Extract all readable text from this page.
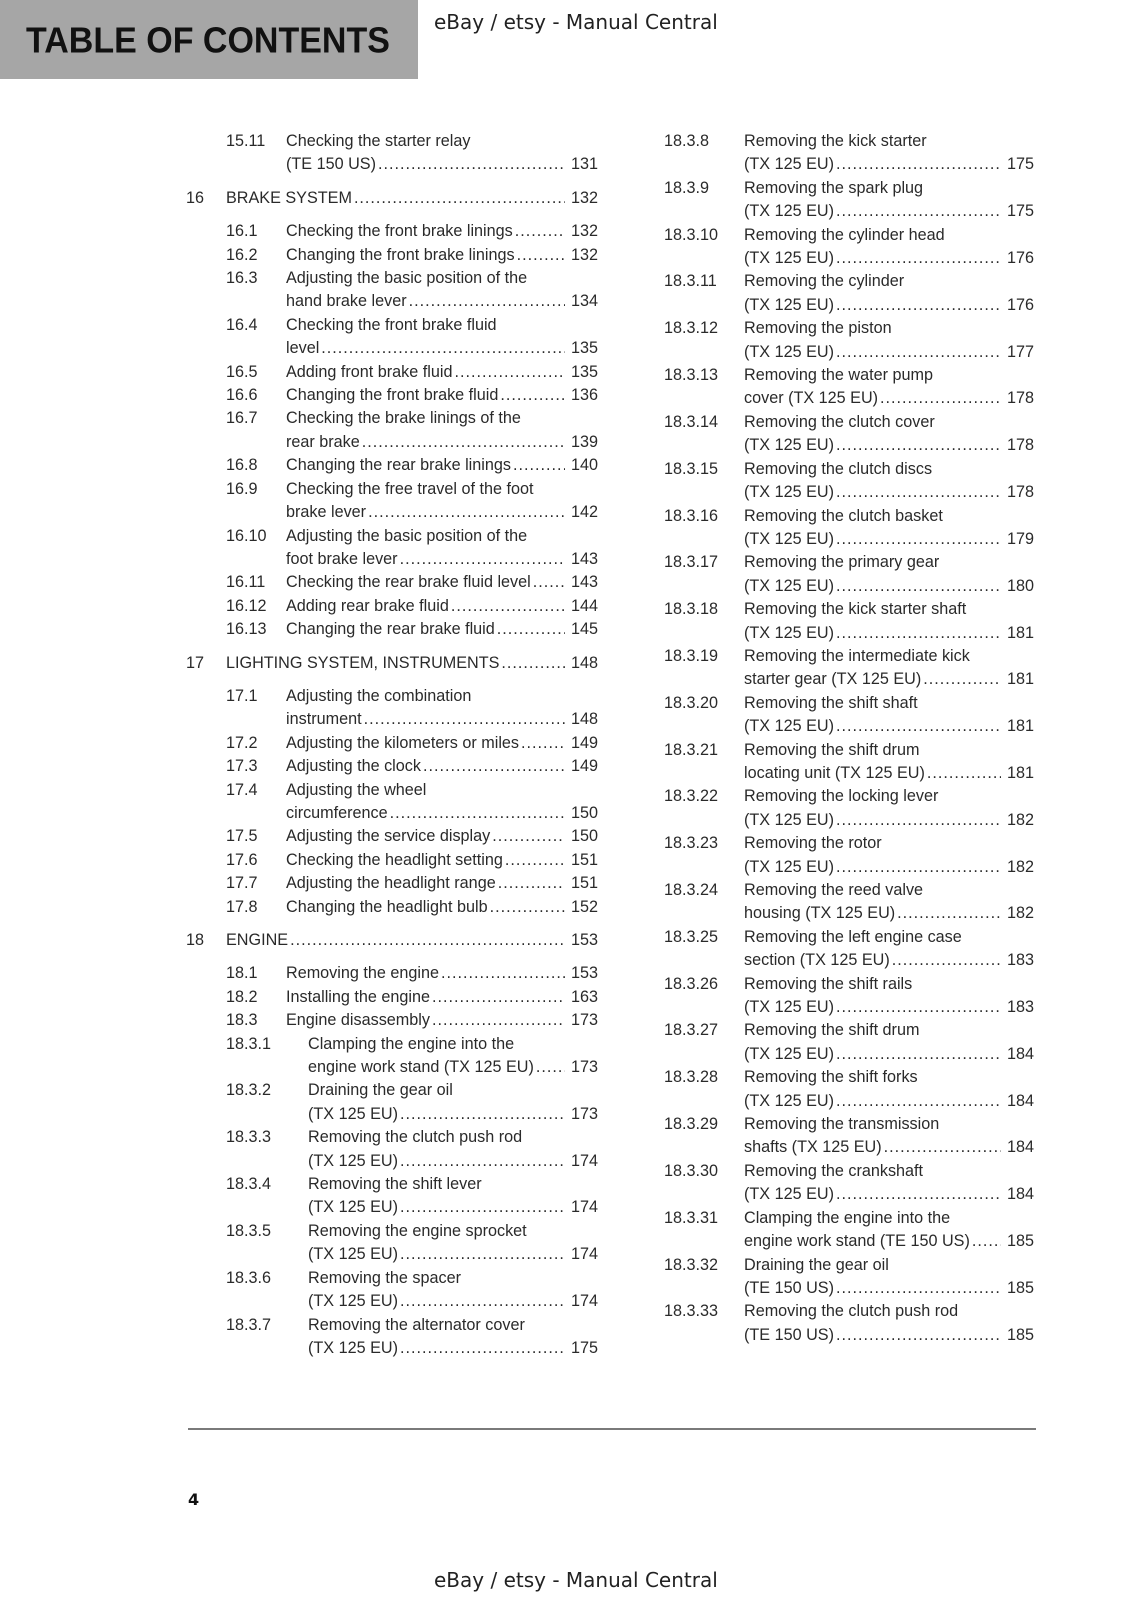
TABLE OF CONTENTS eBay / etsy - Manual Central
15.11 Checking the starter relay
(TE 150 US) .....	131
16 BRAKE SYSTEM .....	132
16.1 Checking the front brake linings .....	132
16.2 Changing the front brake linings .....	132
16.3 Adjusting the basic position of the
hand brake lever .....	134
16.4 Checking the front brake fluid
level .....	135
16.5 Adding front brake fluid .....	135
16.6 Changing the front brake fluid .....	136
16.7 Checking the brake linings of the
rear brake .....	139
16.8 Changing the rear brake linings .....	140
16.9 Checking the free travel of the foot
brake lever .....	142
16.10 Adjusting the basic position of the
foot brake lever .....	143
16.11 Checking the rear brake fluid level ..... 143
16.12 Adding rear brake fluid .....	144
16.13 Changing the rear brake fluid .....	145
17 LIGHTING SYSTEM, INSTRUMENTS .....	148
17.1 Adjusting the combination
instrument .....	148
17.2 Adjusting the kilometers or miles .....	149
17.3 Adjusting the clock .....	149
17.4 Adjusting the wheel
circumference .....	150
17.5 Adjusting the service display .....	150
17.6 Checking the headlight setting .....	151
17.7 Adjusting the headlight range .....	151
17.8 Changing the headlight bulb .....	152
18 ENGINE .....	153
18.1 Removing the engine .....	153
18.2 Installing the engine .....	163
18.3 Engine disassembly .....	173
18.3.1 Clamping the engine into the
engine work stand (TX 125 EU) ..... 173
18.3.2 Draining the gear oil
(TX 125 EU) .....	173
18.3.3 Removing the clutch push rod
(TX 125 EU) .....	174
18.3.4 Removing the shift lever
(TX 125 EU) .....	174
18.3.5 Removing the engine sprocket
(TX 125 EU) .....	174
18.3.6 Removing the spacer
(TX 125 EU) .....	174
18.3.7 Removing the alternator cover
(TX 125 EU) .....	175
18.3.8 Removing the kick starter
(TX 125 EU) .....	175
18.3.9 Removing the spark plug
(TX 125 EU) .....	175
18.3.10 Removing the cylinder head
(TX 125 EU) .....	176
18.3.11 Removing the cylinder
(TX 125 EU) .....	176
18.3.12 Removing the piston
(TX 125 EU) .....	177
18.3.13 Removing the water pump
cover (TX 125 EU) .....	178
18.3.14 Removing the clutch cover
(TX 125 EU) .....	178
18.3.15 Removing the clutch discs
(TX 125 EU) .....	178
18.3.16 Removing the clutch basket
(TX 125 EU) .....	179
18.3.17 Removing the primary gear
(TX 125 EU) .....	180
18.3.18 Removing the kick starter shaft
(TX 125 EU) .....	181
18.3.19 Removing the intermediate kick
starter gear (TX 125 EU) .....	181
18.3.20 Removing the shift shaft
(TX 125 EU) .....	181
18.3.21 Removing the shift drum
locating unit (TX 125 EU) .....	181
18.3.22 Removing the locking lever
(TX 125 EU) .....	182
18.3.23 Removing the rotor
(TX 125 EU) .....	182
18.3.24 Removing the reed valve
housing (TX 125 EU) .....	182
18.3.25 Removing the left engine case
section (TX 125 EU) .....	183
18.3.26 Removing the shift rails
(TX 125 EU) .....	183
18.3.27 Removing the shift drum
(TX 125 EU) .....	184
18.3.28 Removing the shift forks
(TX 125 EU) .....	184
18.3.29 Removing the transmission
shafts (TX 125 EU) .....	184
18.3.30 Removing the crankshaft
(TX 125 EU) .....	184
18.3.31 Clamping the engine into the
engine work stand (TE 150 US) ..... 185
18.3.32 Draining the gear oil
(TE 150 US) .....	185
18.3.33 Removing the clutch push rod
(TE 150 US) .....	185
4
eBay / etsy - Manual Central
